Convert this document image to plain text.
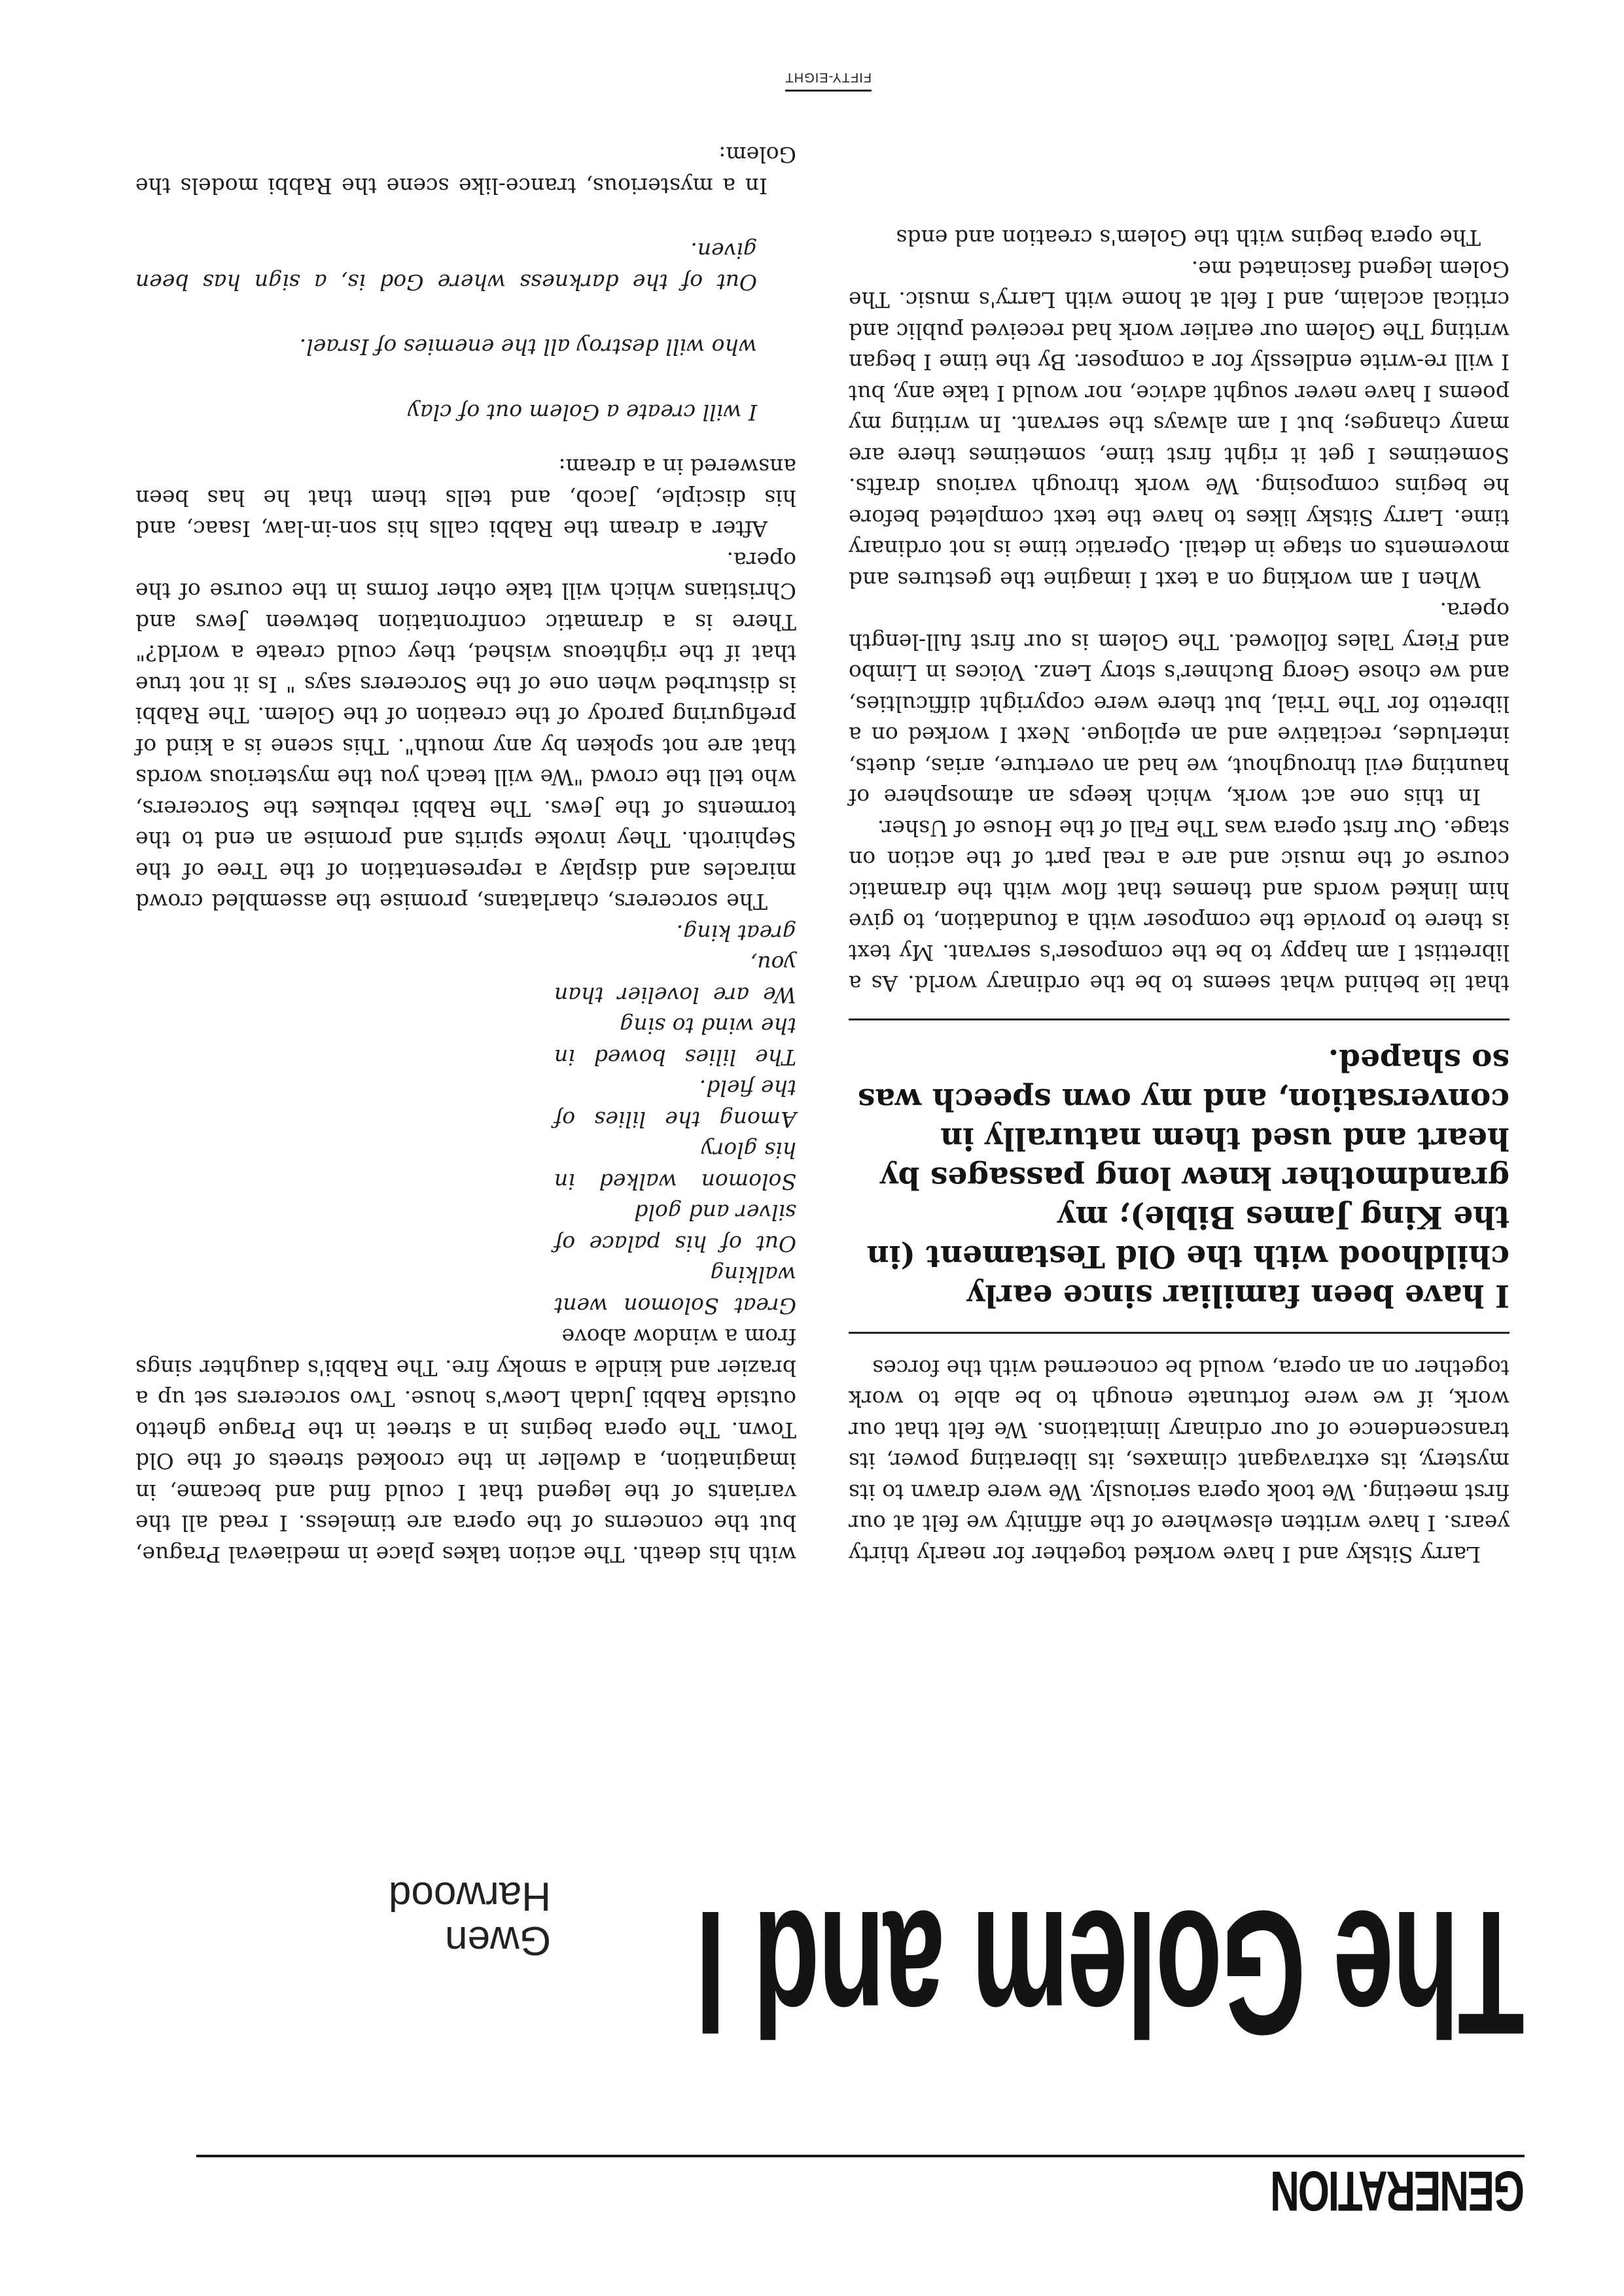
GENERATION
The Golem and I
Gwen
Harwood

Larry Sitsky and I have worked together for nearly thirty years. I have written elsewhere of the affinity we felt at our first meeting. We took opera seriously. We were drawn to its mystery, its extravagant climaxes, its liberating power, its transcendence of our ordinary limitations. We felt that our work, if we were fortunate enough to be able to work together on an opera, would be concerned with the forces

I have been familiar since early childhood with the Old Testament (in the King James Bible); my grandmother knew long passages by heart and used them naturally in conversation, and my own speech was so shaped.

that lie behind what seems to be the ordinary world. As a librettist I am happy to be the composer's servant. My text is there to provide the composer with a foundation, to give him linked words and themes that flow with the dramatic course of the music and are a real part of the action on stage. Our first opera was The Fall of the House of Usher.

In this one act work, which keeps an atmosphere of haunting evil throughout, we had an overture, arias, duets, interludes, recitative and an epilogue. Next I worked on a libretto for The Trial, but there were copyright difficulties, and we chose Georg Buchner's story Lenz. Voices in Limbo and Fiery Tales followed. The Golem is our first full-length opera.

When I am working on a text I imagine the gestures and movements on stage in detail. Operatic time is not ordinary time. Larry Sitsky likes to have the text completed before he begins composing. We work through various drafts. Sometimes I get it right first time, sometimes there are many changes; but I am always the servant. In writing my poems I have never sought advice, nor would I take any, but I will re-write endlessly for a composer. By the time I began writing The Golem our earlier work had received public and critical acclaim, and I felt at home with Larry's music. The Golem legend fascinated me.

The opera begins with the Golem's creation and ends

with his death. The action takes place in mediaeval Prague, but the concerns of the opera are timeless. I read all the variants of the legend that I could find and became, in imagination, a dweller in the crooked streets of the Old Town. The opera begins in a street in the Prague ghetto outside Rabbi Judah Loew's house. Two sorcerers set up a brazier and kindle a smoky fire. The Rabbi's daughter sings from a window above

Great Solomon went walking
Out of his palace of silver and gold
Solomon walked in his glory
Among the lilies of the field.
The lilies bowed in the wind to sing
We are lovelier than you,
great king.

The sorcerers, charlatans, promise the assembled crowd miracles and display a representation of the Tree of the Sephiroth. They invoke spirits and promise an end to the torments of the Jews. The Rabbi rebukes the Sorcerers, who tell the crowd "We will teach you the mysterious words that are not spoken by any mouth". This scene is a kind of prefiguring parody of the creation of the Golem. The Rabbi is disturbed when one of the Sorcerers says " Is it not true that if the righteous wished, they could create a world?" There is a dramatic confrontation between Jews and Christians which will take other forms in the course of the opera.

After a dream the Rabbi calls his son-in-law, Isaac, and his disciple, Jacob, and tells them that he has been answered in a dream:

I will create a Golem out of clay
who will destroy all the enemies of Israel.
Out of the darkness where God is, a sign has been given.

In a mysterious, trance-like scene the Rabbi models the Golem:

FIFTY-EIGHT
